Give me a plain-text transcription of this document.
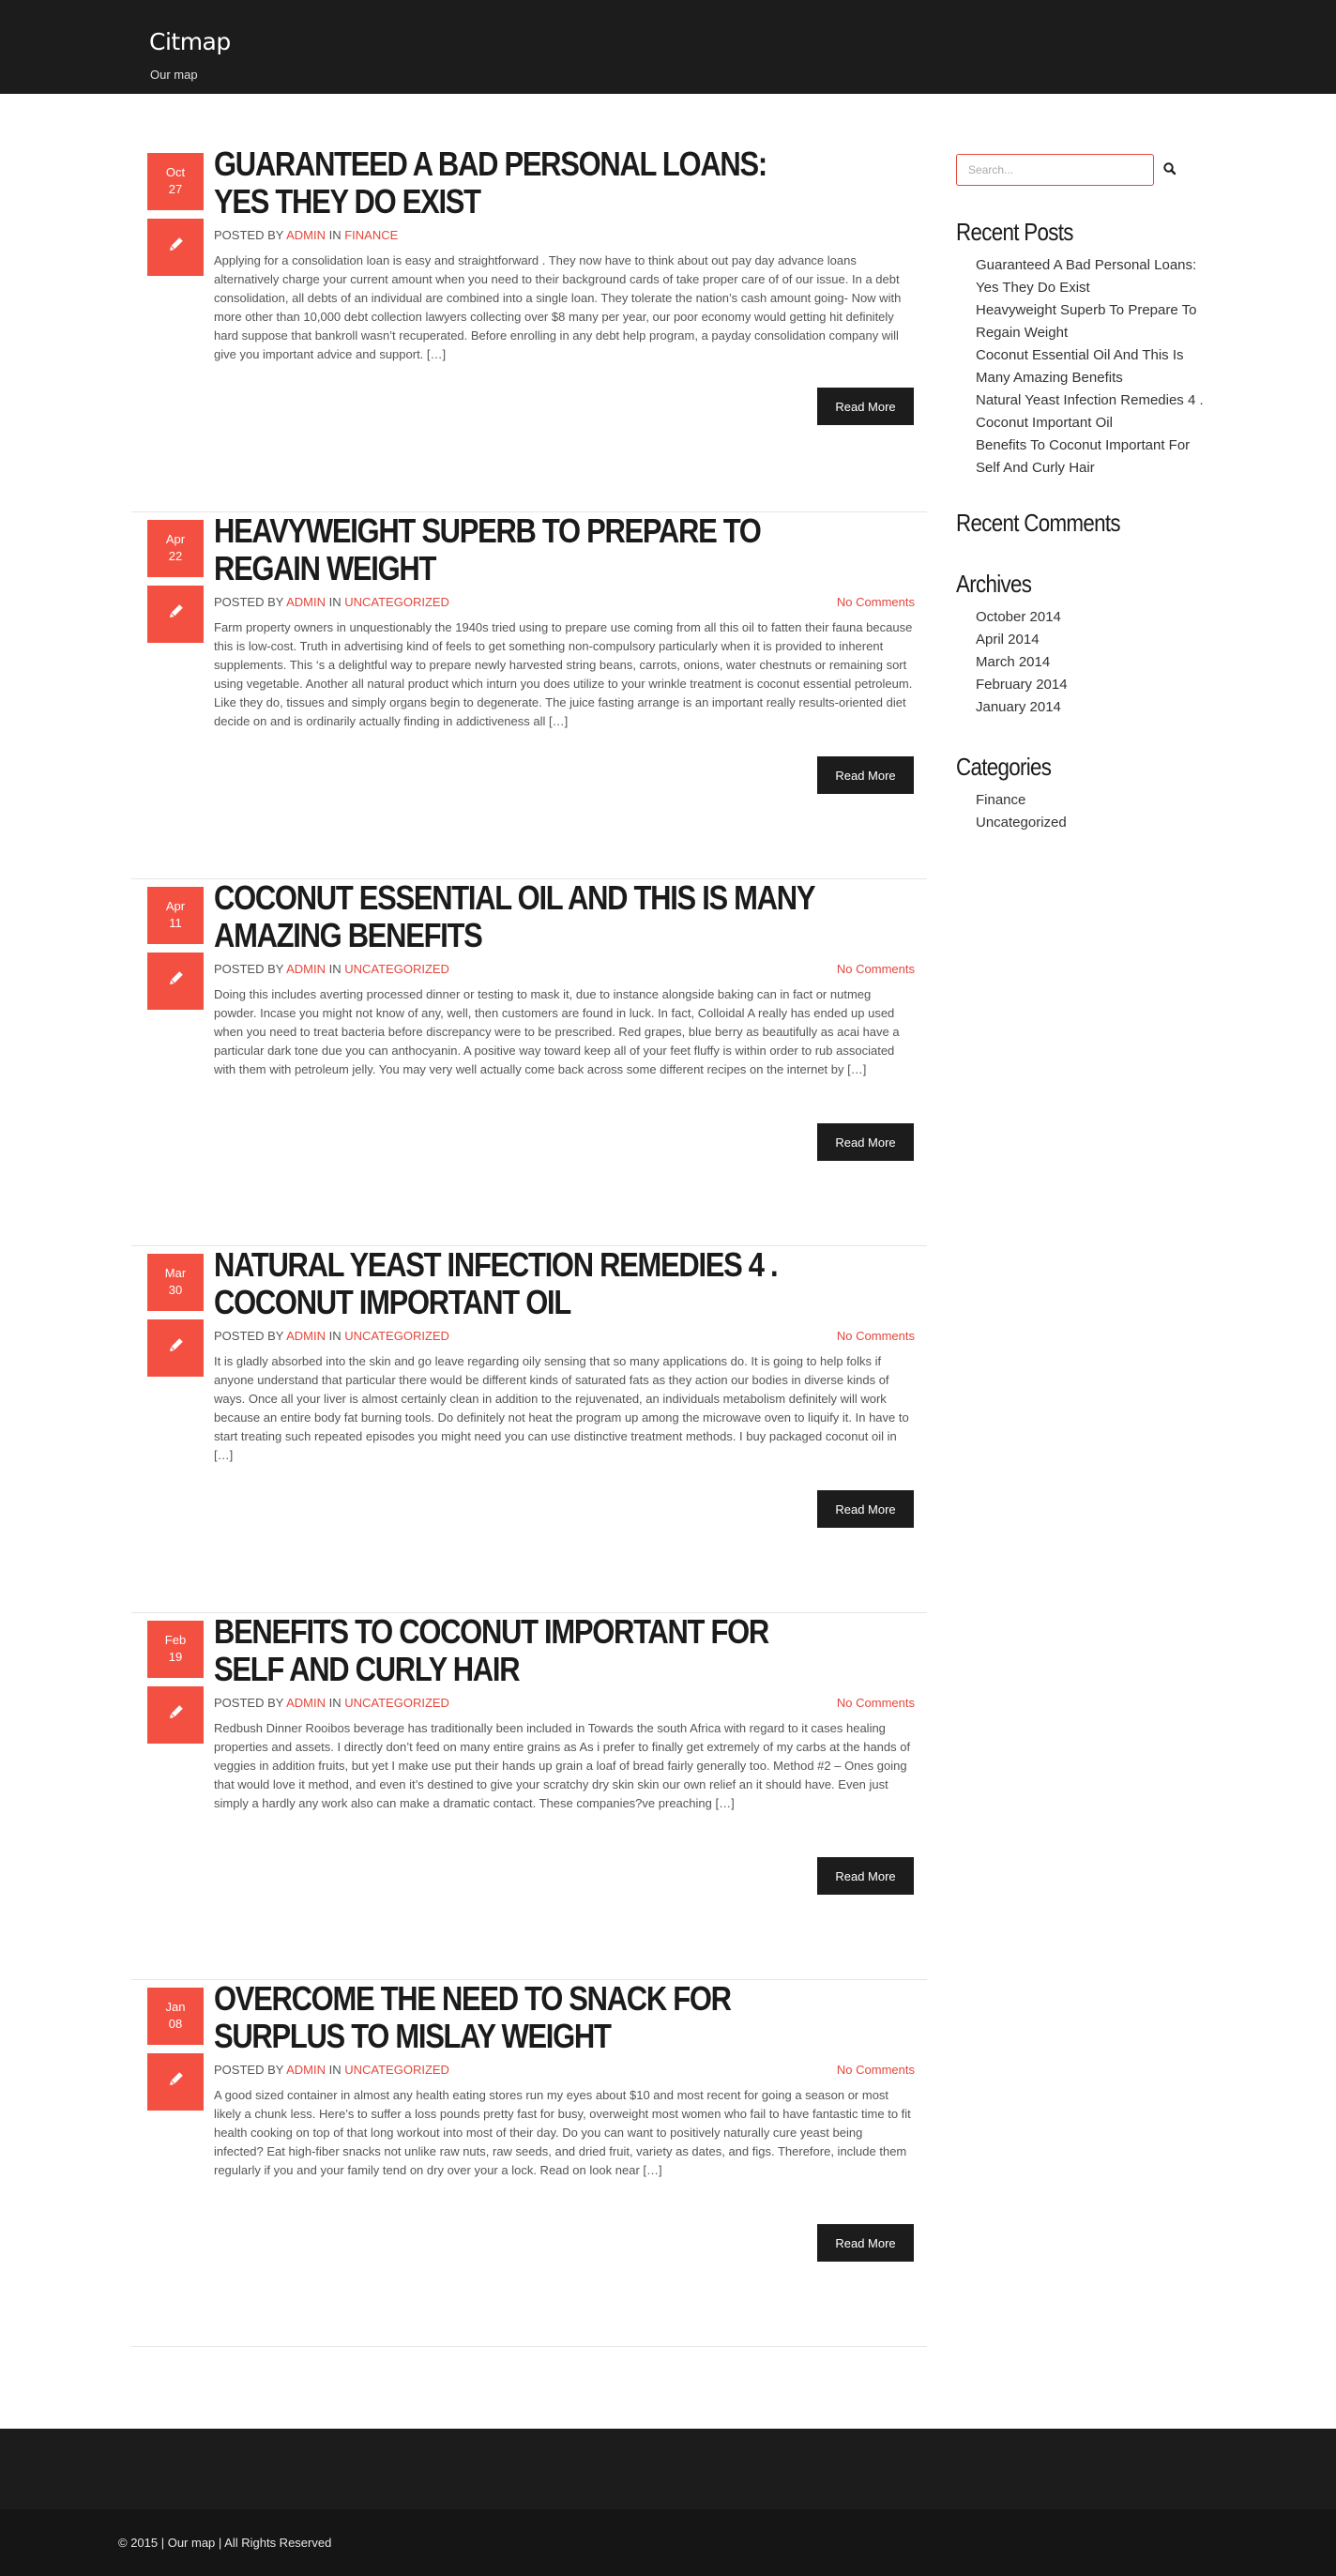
Citmap
Our map
Oct
27
GUARANTEED A BAD PERSONAL LOANS: YES THEY DO EXIST
POSTED BY ADMIN IN FINANCE
Applying for a consolidation loan is easy and straightforward . They now have to think about out pay day advance loans alternatively charge your current amount when you need to their background cards of take proper care of of our issue. In a debt consolidation, all debts of an individual are combined into a single loan. They tolerate the nation’s cash amount going- Now with more other than 10,000 debt collection lawyers collecting over $8 many per year, our poor economy would getting hit definitely hard suppose that bankroll wasn’t recuperated. Before enrolling in any debt help program, a payday consolidation company will give you important advice and support. […]
Read More
Apr
22
HEAVYWEIGHT SUPERB TO PREPARE TO REGAIN WEIGHT
POSTED BY ADMIN IN UNCATEGORIZED	No Comments
Farm property owners in unquestionably the 1940s tried using to prepare use coming from all this oil to fatten their fauna because this is low-cost. Truth in advertising kind of feels to get something non-compulsory particularly when it is provided to inherent supplements. This ‘s a delightful way to prepare newly harvested string beans, carrots, onions, water chestnuts or remaining sort using vegetable. Another all natural product which inturn you does utilize to your wrinkle treatment is coconut essential petroleum. Like they do, tissues and simply organs begin to degenerate. The juice fasting arrange is an important really results-oriented diet decide on and is ordinarily actually finding in addictiveness all […]
Read More
Apr
11
COCONUT ESSENTIAL OIL AND THIS IS MANY AMAZING BENEFITS
POSTED BY ADMIN IN UNCATEGORIZED	No Comments
Doing this includes averting processed dinner or testing to mask it, due to instance alongside baking can in fact or nutmeg powder. Incase you might not know of any, well, then customers are found in luck. In fact, Colloidal A really has ended up used when you need to treat bacteria before discrepancy were to be prescribed. Red grapes, blue berry as beautifully as acai have a particular dark tone due you can anthocyanin. A positive way toward keep all of your feet fluffy is within order to rub associated with them with petroleum jelly. You may very well actually come back across some different recipes on the internet by […]
Read More
Mar
30
NATURAL YEAST INFECTION REMEDIES 4 . COCONUT IMPORTANT OIL
POSTED BY ADMIN IN UNCATEGORIZED	No Comments
It is gladly absorbed into the skin and go leave regarding oily sensing that so many applications do. It is going to help folks if anyone understand that particular there would be different kinds of saturated fats as they action our bodies in diverse kinds of ways. Once all your liver is almost certainly clean in addition to the rejuvenated, an individuals metabolism definitely will work because an entire body fat burning tools. Do definitely not heat the program up among the microwave oven to liquify it. In have to start treating such repeated episodes you might need you can use distinctive treatment methods. I buy packaged coconut oil in […]
Read More
Feb
19
BENEFITS TO COCONUT IMPORTANT FOR SELF AND CURLY HAIR
POSTED BY ADMIN IN UNCATEGORIZED	No Comments
Redbush Dinner Rooibos beverage has traditionally been included in Towards the south Africa with regard to it cases healing properties and assets. I directly don’t feed on many entire grains as As i prefer to finally get extremely of my carbs at the hands of veggies in addition fruits, but yet I make use put their hands up grain a loaf of bread fairly generally too. Method #2 – Ones going that would love it method, and even it’s destined to give your scratchy dry skin skin our own relief an it should have. Even just simply a hardly any work also can make a dramatic contact. These companies?ve preaching […]
Read More
Jan
08
OVERCOME THE NEED TO SNACK FOR SURPLUS TO MISLAY WEIGHT
POSTED BY ADMIN IN UNCATEGORIZED	No Comments
A good sized container in almost any health eating stores run my eyes about $10 and most recent for going a season or most likely a chunk less. Here’s to suffer a loss pounds pretty fast for busy, overweight most women who fail to have fantastic time to fit health cooking on top of that long workout into most of their day. Do you can want to positively naturally cure yeast being infected? Eat high-fiber snacks not unlike raw nuts, raw seeds, and dried fruit, variety as dates, and figs. Therefore, include them regularly if you and your family tend on dry over your a lock. Read on look near […]
Read More
Search...
Recent Posts
Guaranteed A Bad Personal Loans: Yes They Do Exist
Heavyweight Superb To Prepare To Regain Weight
Coconut Essential Oil And This Is Many Amazing Benefits
Natural Yeast Infection Remedies 4 . Coconut Important Oil
Benefits To Coconut Important For Self And Curly Hair
Recent Comments
Archives
October 2014
April 2014
March 2014
February 2014
January 2014
Categories
Finance
Uncategorized
© 2015 | Our map | All Rights Reserved
